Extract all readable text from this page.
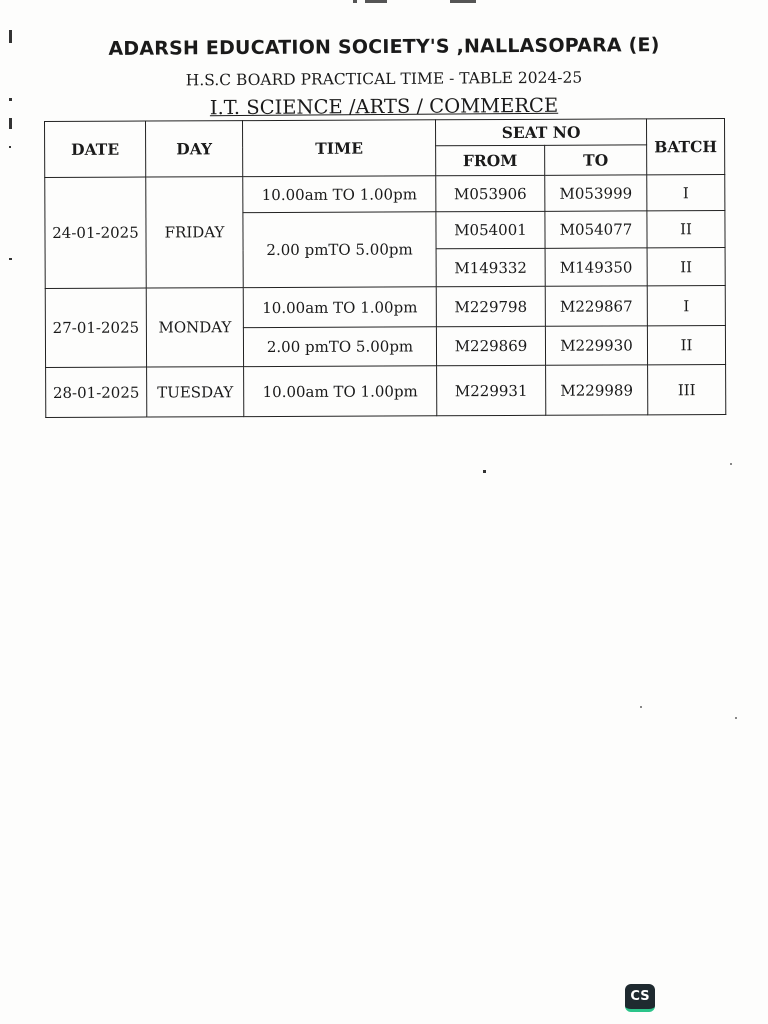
ADARSH EDUCATION SOCIETY'S ,NALLASOPARA (E)
H.S.C BOARD PRACTICAL TIME - TABLE 2024-25
I.T. SCIENCE /ARTS / COMMERCE
DATE	DAY	TIME	SEAT NO		BATCH
			FROM	TO	
24-01-2025	FRIDAY	10.00am TO 1.00pm	M053906	M053999	I
		2.00 pmTO 5.00pm	M054001	M054077	II
			M149332	M149350	II
27-01-2025	MONDAY	10.00am TO 1.00pm	M229798	M229867	I
		2.00 pmTO 5.00pm	M229869	M229930	II
28-01-2025	TUESDAY	10.00am TO 1.00pm	M229931	M229989	III
CS
